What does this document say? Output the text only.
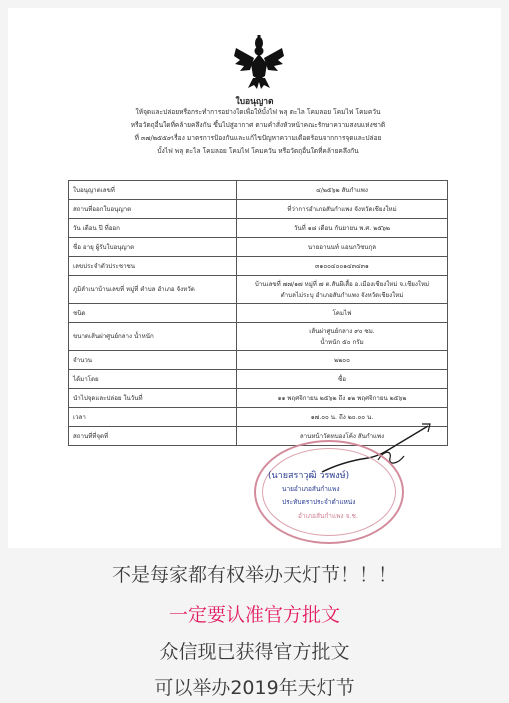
ใบอนุญาต
ให้จุดและปล่อยหรือกระทำการอย่างใดเพื่อให้บั้งไฟ พลุ ตะไล โคมลอย โคมไฟ โคมควัน
หรือวัตถุอื่นใดที่คล้ายคลึงกัน ขึ้นไปสู่อากาศ ตามคำสั่งหัวหน้าคณะรักษาความสงบแห่งชาติ
ที่ ๓๗/๒๕๕๙เรื่อง มาตรการป้องกันและแก้ไขปัญหาความเดือดร้อนจากการจุดและปล่อย
บั้งไฟ พลุ ตะไล โคมลอย โคมไฟ โคมควัน หรือวัตถุอื่นใดที่คล้ายคลึงกัน
ใบอนุญาตเลขที่	๔/๒๕๖๒ สันกำแพง

สถานที่ออกใบอนุญาต	ที่ว่าการอำเภอสันกำแพง จังหวัดเชียงใหม่

วัน เดือน ปี ที่ออก	วันที่ ๑๘ เดือน กันยายน พ.ศ. ๒๕๖๒

ชื่อ อายุ ผู้รับใบอนุญาต	นายอานนท์ แอนกวิชนกุล

เลขประจำตัวประชาชน	๓๑๐๐๔๐๐๑๔๓๔๓๑

ภูมิลำเนาบ้านเลขที่ หมู่ที่ ตำบล อำเภอ จังหวัด	บ้านเลขที่ ๗๗/๑๗ หมู่ที่ ๗ ต.สันผีเสื้อ อ.เมืองเชียงใหม่ จ.เชียงใหม่
ตำบลไม่ระบุ อำเภอสันกำแพง จังหวัดเชียงใหม่

ชนิด	โคมไฟ

ขนาดเส้นผ่าศูนย์กลาง น้ำหนัก	เส้นผ่าศูนย์กลาง ๙๐ ซม.
น้ำหนัก ๕๐ กรัม

จำนวน	๒๒๐๐

ได้มาโดย	ซื้อ

นำไปจุดและปล่อย ในวันที่	๑๑ พฤศจิกายน ๒๕๖๒ ถึง ๑๒ พฤศจิกายน ๒๕๖๒

เวลา	๑๗.๐๐ น. ถึง ๒๐.๐๐ น.

สถานที่ที่จุดที่	ลานหน้าวัดทบองโค้ง สันกำแพง
(นายสราวุฒิ วรพงษ์)
นายอำเภอสันกำแพง
ประทับตราประจำตำแหน่ง
อำเภอสันกำแพง จ.ช.
不是每家都有权举办天灯节！！！
一定要认准官方批文
众信现已获得官方批文
可以举办2019年天灯节
